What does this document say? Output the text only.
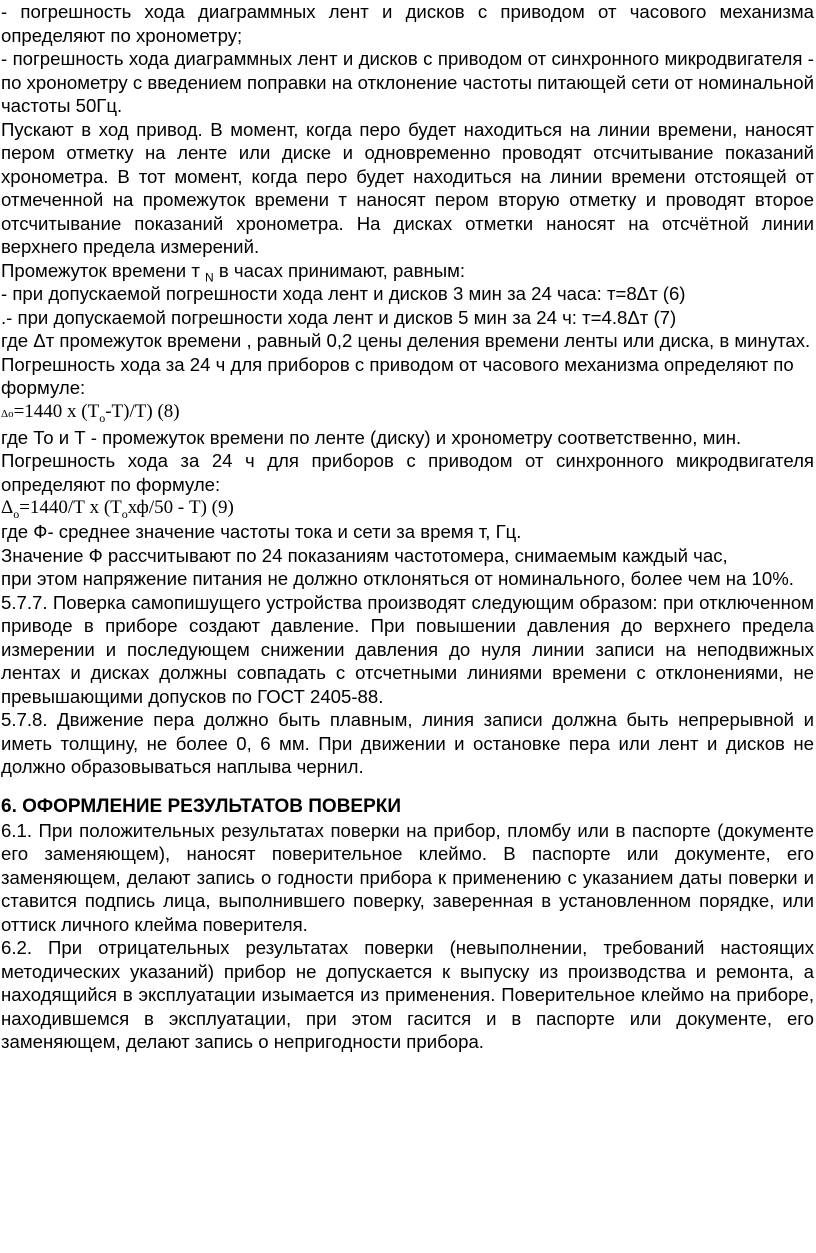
- погрешность хода диаграммных лент и дисков с приводом от часового механизма определяют по хронометру;

- погрешность хода диаграммных лент и дисков с приводом от синхронного микродвигателя - по хронометру с введением поправки на отклонение частоты питающей сети от номинальной частоты 50Гц.

Пускают в ход привод. В момент, когда перо будет находиться на линии времени, наносят пером отметку на ленте или диске и одновременно проводят отсчитывание показаний хронометра. В тот момент, когда перо будет находиться на линии времени отстоящей от отмеченной на промежуток времени т наносят пером вторую отметку и проводят второе отсчитывание показаний хронометра. На дисках отметки наносят на отсчётной линии верхнего предела измерений.

Промежуток времени т $_N$ в часах принимают, равным:

- при допускаемой погрешности хода лент и дисков 3 мин за 24 часа: т=8Δт (6)

.- при допускаемой погрешности хода лент и дисков 5 мин за 24 ч: т=4.8Δт (7)

где Δт промежуток времени , равный 0,2 цены деления времени ленты или диска, в минутах.

Погрешность хода за 24 ч для приборов с приводом от часового механизма определяют по формуле:

Δо=1440 х $(Т_о-Т)/Т$) (8)

где То и Т - промежуток времени по ленте (диску) и хронометру соответственно, мин.

Погрешность хода за 24 ч для приборов с приводом от синхронного микродвигателя определяют по формуле:

$\Delta_о=1440/Т$ х $(Т_охф/50 - Т)$ (9)

где Ф- среднее значение частоты тока и сети за время т, Гц.

Значение Ф рассчитывают по 24 показаниям частотомера, снимаемым каждый час,

при этом напряжение питания не должно отклоняться от номинального, более чем на 10%.

5.7.7. Поверка самопишущего устройства производят следующим образом: при отключенном приводе в приборе создают давление. При повышении давления до верхнего предела измерении и последующем снижении давления до нуля линии записи на неподвижных лентах и дисках должны совпадать с отсчетными линиями времени с отклонениями, не превышающими допусков по ГОСТ 2405-88.

5.7.8. Движение пера должно быть плавным, линия записи должна быть непрерывной и иметь толщину, не более 0, 6 мм. При движении и остановке пера или лент и дисков не должно образовываться наплыва чернил.

6. ОФОРМЛЕНИЕ РЕЗУЛЬТАТОВ ПОВЕРКИ

6.1. При положительных результатах поверки на прибор, пломбу или в паспорте (документе его заменяющем), наносят поверительное клеймо. В паспорте или документе, его заменяющем, делают запись о годности прибора к применению с указанием даты поверки и ставится подпись лица, выполнившего поверку, заверенная в установленном порядке, или оттиск личного клейма поверителя.

6.2. При отрицательных результатах поверки (невыполнении, требований настоящих методических указаний) прибор не допускается к выпуску из производства и ремонта, а находящийся в эксплуатации изымается из применения. Поверительное клеймо на приборе, находившемся в эксплуатации, при этом гасится и в паспорте или документе, его заменяющем, делают запись о непригодности прибора.
